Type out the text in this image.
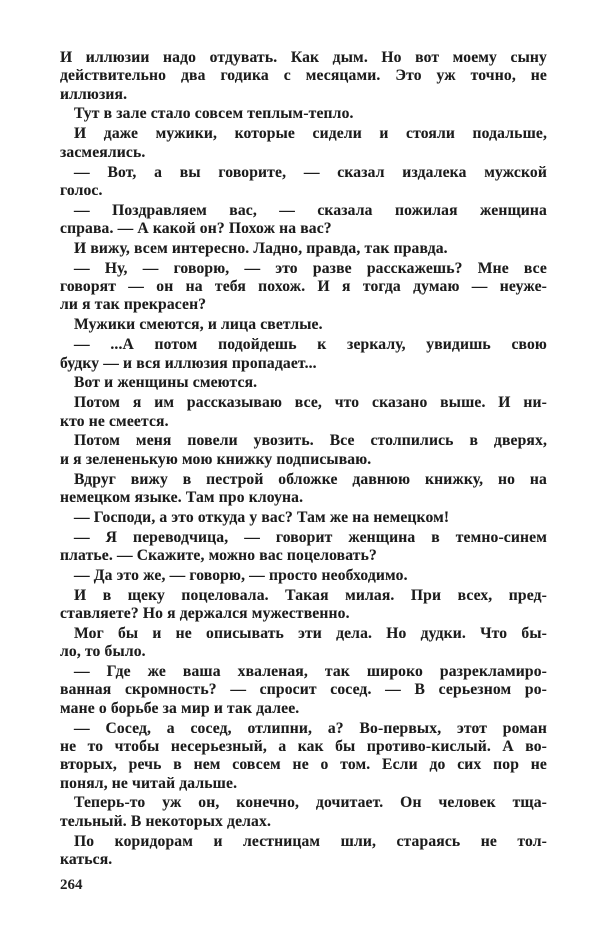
И иллюзии надо отдувать. Как дым. Но вот моему сыну
действительно два годика с месяцами. Это уж точно, не
иллюзия.
Тут в зале стало совсем теплым-тепло.
И даже мужики, которые сидели и стояли подальше,
засмеялись.
— Вот, а вы говорите, — сказал издалека мужской
голос.
— Поздравляем вас, — сказала пожилая женщина
справа. — А какой он? Похож на вас?
И вижу, всем интересно. Ладно, правда, так правда.
— Ну, — говорю, — это разве расскажешь? Мне все
говорят — он на тебя похож. И я тогда думаю — неуже-
ли я так прекрасен?
Мужики смеются, и лица светлые.
— ...А потом подойдешь к зеркалу, увидишь свою
будку — и вся иллюзия пропадает...
Вот и женщины смеются.
Потом я им рассказываю все, что сказано выше. И ни-
кто не смеется.
Потом меня повели увозить. Все столпились в дверях,
и я зелененькую мою книжку подписываю.
Вдруг вижу в пестрой обложке давнюю книжку, но на
немецком языке. Там про клоуна.
— Господи, а это откуда у вас? Там же на немецком!
— Я переводчица, — говорит женщина в темно-синем
платье. — Скажите, можно вас поцеловать?
— Да это же, — говорю, — просто необходимо.
И в щеку поцеловала. Такая милая. При всех, пред-
ставляете? Но я держался мужественно.
Мог бы и не описывать эти дела. Но дудки. Что бы-
ло, то было.
— Где же ваша хваленая, так широко разрекламиро-
ванная скромность? — спросит сосед. — В серьезном ро-
мане о борьбе за мир и так далее.
— Сосед, а сосед, отлипни, а? Во-первых, этот роман
не то чтобы несерьезный, а как бы противо-кислый. А во-
вторых, речь в нем совсем не о том. Если до сих пор не
понял, не читай дальше.
Теперь-то уж он, конечно, дочитает. Он человек тща-
тельный. В некоторых делах.
По коридорам и лестницам шли, стараясь не тол-
каться.
264
